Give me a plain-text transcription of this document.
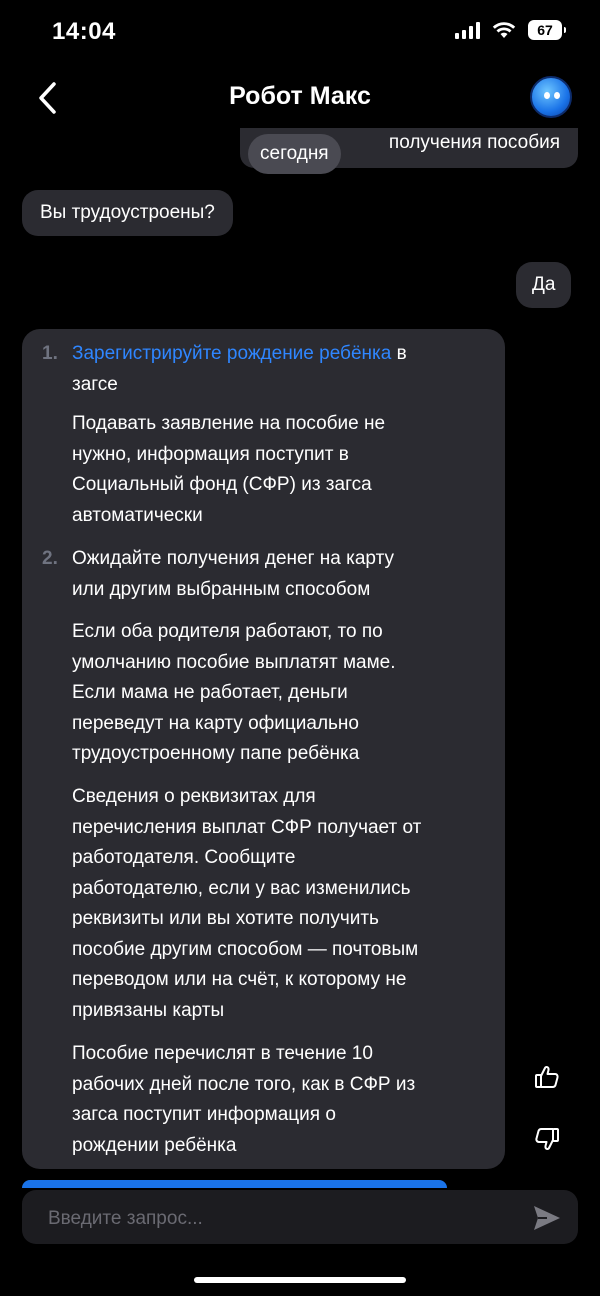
14:04	67
Робот Макс
получения пособия
сегодня
Вы трудоустроены?
Да
1. Зарегистрируйте рождение ребёнка в
загсе
Подавать заявление на пособие не
нужно, информация поступит в
Социальный фонд (СФР) из загса
автоматически
2. Ожидайте получения денег на карту
или другим выбранным способом
Если оба родителя работают, то по
умолчанию пособие выплатят маме.
Если мама не работает, деньги
переведут на карту официально
трудоустроенному папе ребёнка
Сведения о реквизитах для
перечисления выплат СФР получает от
работодателя. Сообщите
работодателю, если у вас изменились
реквизиты или вы хотите получить
пособие другим способом — почтовым
переводом или на счёт, к которому не
привязаны карты
Пособие перечислят в течение 10
рабочих дней после того, как в СФР из
загса поступит информация о
рождении ребёнка
Введите запрос...
